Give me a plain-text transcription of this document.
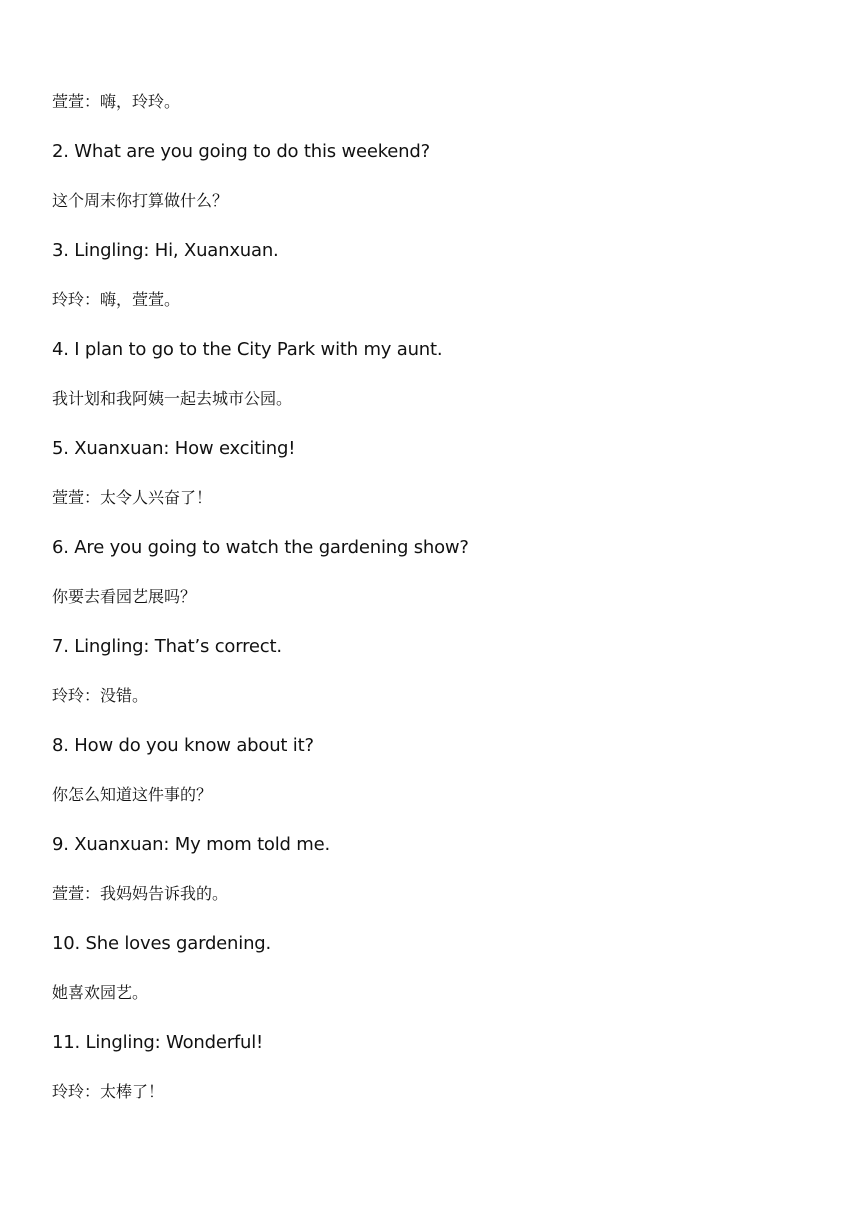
萱萱：嗨，玲玲。
2. What are you going to do this weekend?
这个周末你打算做什么？
3. Lingling: Hi, Xuanxuan.
玲玲：嗨，萱萱。
4. I plan to go to the City Park with my aunt.
我计划和我阿姨一起去城市公园。
5. Xuanxuan: How exciting!
萱萱：太令人兴奋了！
6. Are you going to watch the gardening show?
你要去看园艺展吗？
7. Lingling: That’s correct.
玲玲：没错。
8. How do you know about it?
你怎么知道这件事的？
9. Xuanxuan: My mom told me.
萱萱：我妈妈告诉我的。
10. She loves gardening.
她喜欢园艺。
11. Lingling: Wonderful!
玲玲：太棒了！
